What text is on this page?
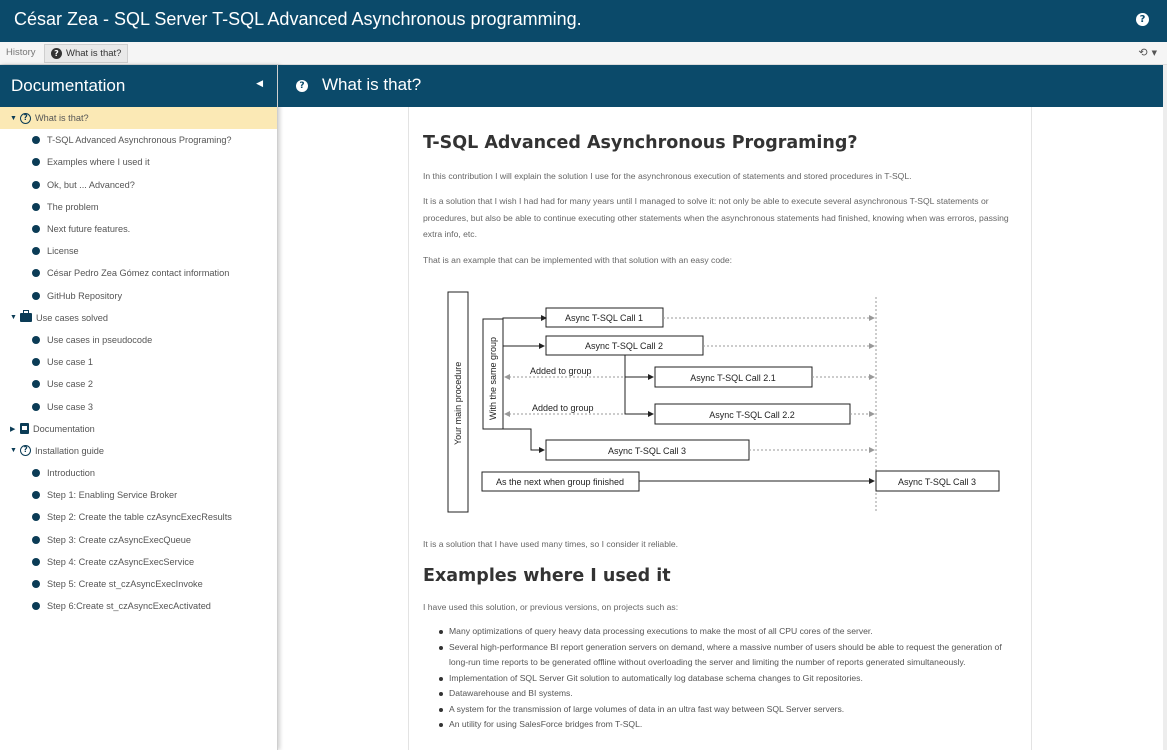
César Zea - SQL Server T-SQL Advanced Asynchronous programming.	?
History	? What is that?	⟲ ▼
Documentation	◀
▼ ? What is that?
T-SQL Advanced Asynchronous Programing?
Examples where I used it
Ok, but ... Advanced?
The problem
Next future features.
License
César Pedro Zea Gómez contact information
GitHub Repository
▼ Use cases solved
Use cases in pseudocode
Use case 1
Use case 2
Use case 3
▶ Documentation
▼ ? Installation guide
Introduction
Step 1: Enabling Service Broker
Step 2: Create the table czAsyncExecResults
Step 3: Create czAsyncExecQueue
Step 4: Create czAsyncExecService
Step 5: Create st_czAsyncExecInvoke
Step 6:Create st_czAsyncExecActivated
? What is that?
T-SQL Advanced Asynchronous Programing?

In this contribution I will explain the solution I use for the asynchronous execution of statements and stored procedures in T-SQL.

It is a solution that I wish I had had for many years until I managed to solve it: not only be able to execute several asynchronous T-SQL statements or procedures, but also be able to continue executing other statements when the asynchronous statements had finished, knowing when was erroros, passing extra info, etc.

That is an example that can be implemented with that solution with an easy code:

Your main procedure	With the same group
Async T-SQL Call 1
Async T-SQL Call 2
Async T-SQL Call 2.1
Added to group
Async T-SQL Call 2.2
Added to group
Async T-SQL Call 3
As the next when group finished	Async T-SQL Call 3

It is a solution that I have used many times, so I consider it reliable.

Examples where I used it

I have used this solution, or previous versions, on projects such as:

Many optimizations of query heavy data processing executions to make the most of all CPU cores of the server.
Several high-performance BI report generation servers on demand, where a massive number of users should be able to request the generation of long-run time reports to be generated offline without overloading the server and limiting the number of reports generated simultaneously.
Implementation of SQL Server Git solution to automatically log database schema changes to Git repositories.
Datawarehouse and BI systems.
A system for the transmission of large volumes of data in an ultra fast way between SQL Server servers.
An utility for using SalesForce bridges from T-SQL.
